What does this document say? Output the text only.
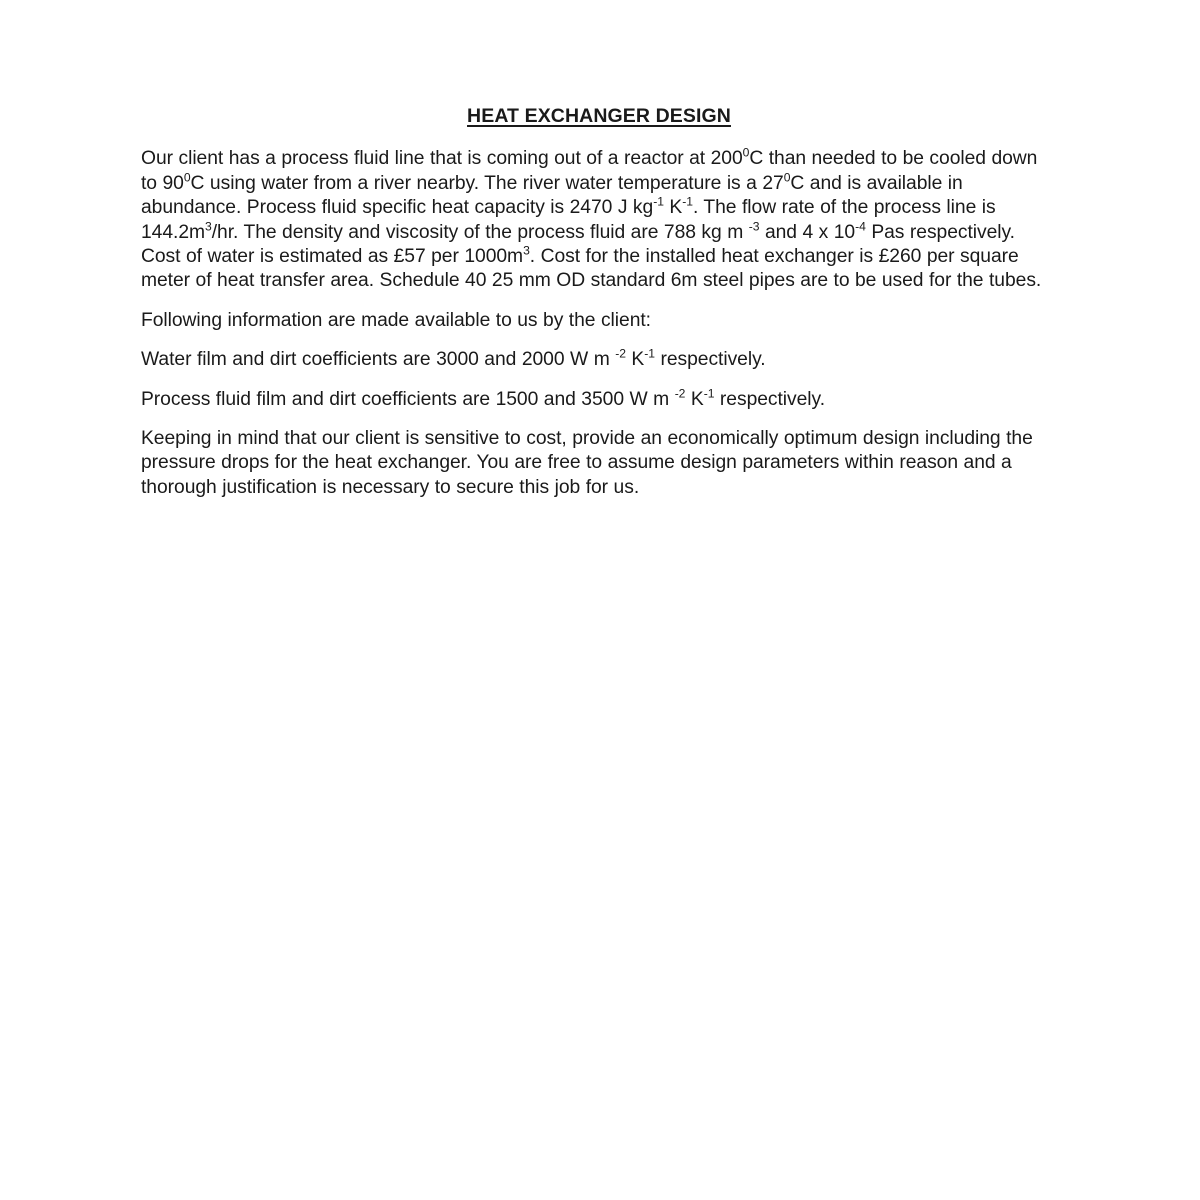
HEAT EXCHANGER DESIGN

Our client has a process fluid line that is coming out of a reactor at $200^0C$ than needed to be cooled down to $90^0C$ using water from a river nearby. The river water temperature is a $27^0C$ and is available in abundance. Process fluid specific heat capacity is 2470 J $kg^{-1}$ $K^{-1}$. The flow rate of the process line is $144.2m^3/hr$. The density and viscosity of the process fluid are 788 kg m $^{-3}$ and 4 x $10^{-4}$ Pas respectively. Cost of water is estimated as £57 per $1000m^3$. Cost for the installed heat exchanger is £260 per square meter of heat transfer area. Schedule 40 25 mm OD standard 6m steel pipes are to be used for the tubes.

Following information are made available to us by the client:

Water film and dirt coefficients are 3000 and 2000 W m $^{-2}$ $K^{-1}$ respectively.

Process fluid film and dirt coefficients are 1500 and 3500 W m $^{-2}$ $K^{-1}$ respectively.

Keeping in mind that our client is sensitive to cost, provide an economically optimum design including the pressure drops for the heat exchanger. You are free to assume design parameters within reason and a thorough justification is necessary to secure this job for us.
